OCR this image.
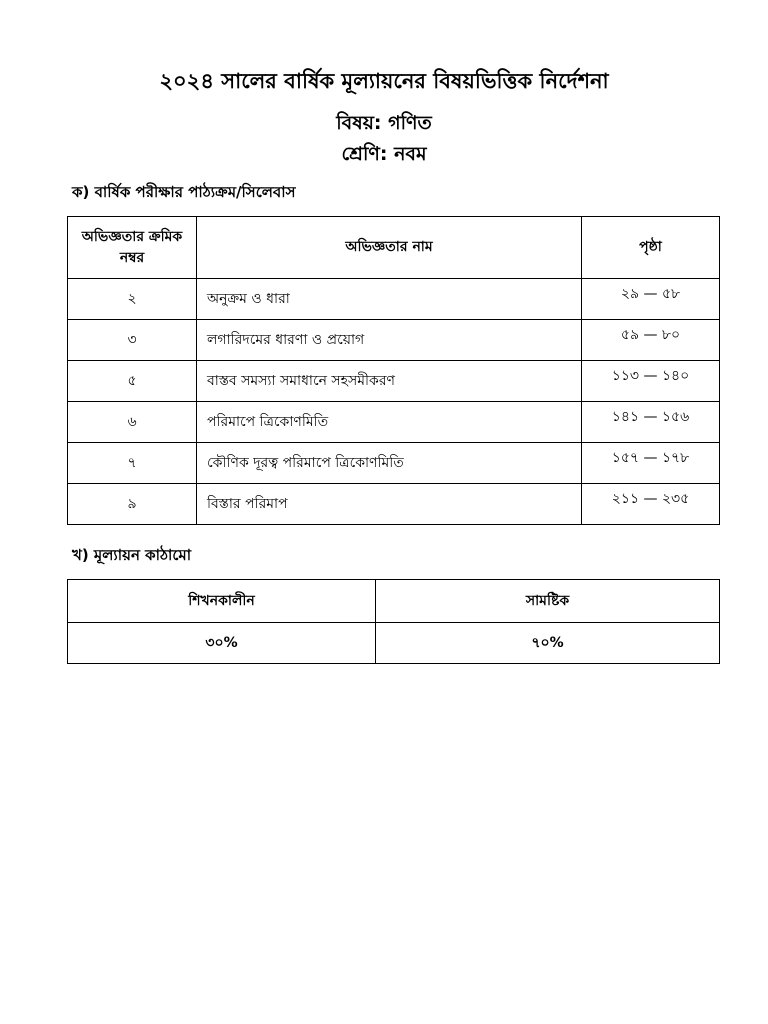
২০২৪ সালের বার্ষিক মূল্যায়নের বিষয়ভিত্তিক নির্দেশনা
বিষয়: গণিত
শ্রেণি: নবম
ক) বার্ষিক পরীক্ষার পাঠ্যক্রম/সিলেবাস
অভিজ্ঞতার ক্রমিক নম্বর	অভিজ্ঞতার নাম	পৃষ্ঠা
২	অনুক্রম ও ধারা	২৯ — ৫৮
৩	লগারিদমের ধারণা ও প্রয়োগ	৫৯ — ৮০
৫	বাস্তব সমস্যা সমাধানে সহসমীকরণ	১১৩ — ১৪০
৬	পরিমাপে ত্রিকোণমিতি	১৪১ — ১৫৬
৭	কৌণিক দূরত্ব পরিমাপে ত্রিকোণমিতি	১৫৭ — ১৭৮
৯	বিস্তার পরিমাপ	২১১ — ২৩৫
খ) মূল্যায়ন কাঠামো
শিখনকালীন	সামষ্টিক
৩০%	৭০%
